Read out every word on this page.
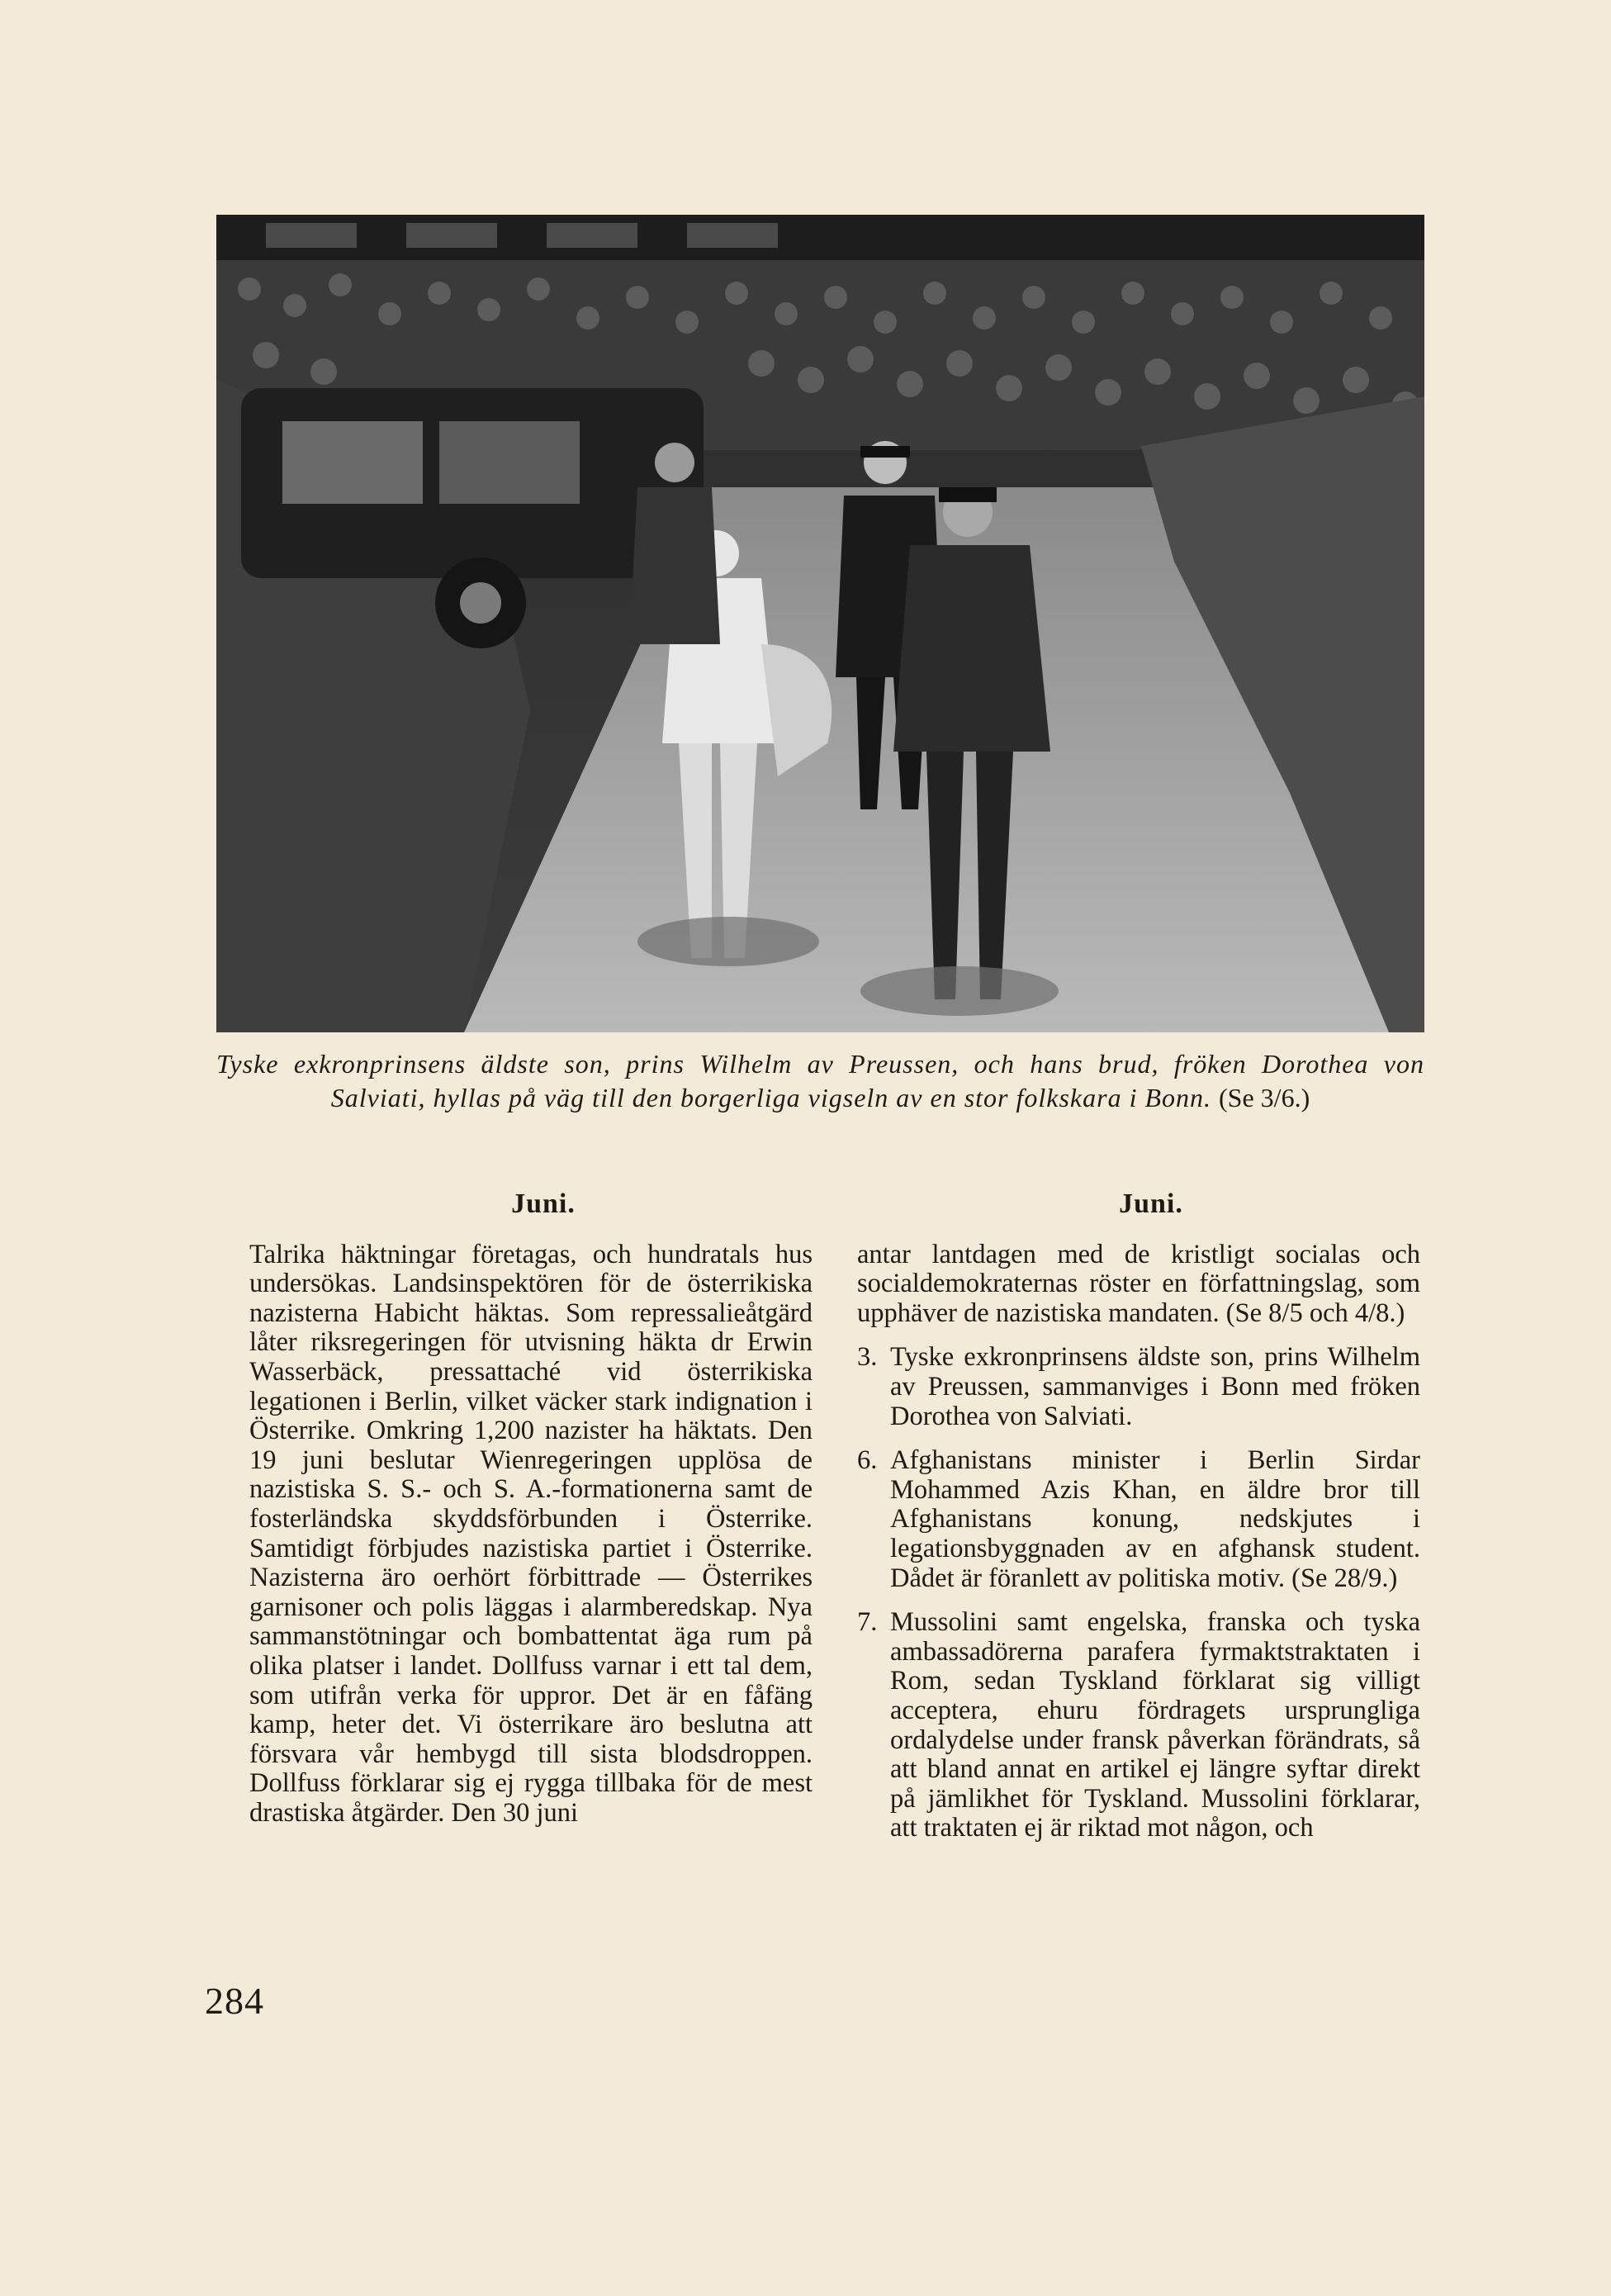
Tyske exkronprinsens äldste son, prins Wilhelm av Preussen, och hans brud, fröken Dorothea von Salviati, hyllas på väg till den borgerliga vigseln av en stor folkskara i Bonn. (Se 3/6.)
Juni.

Talrika häktningar företagas, och hundratals hus undersökas. Landsinspektören för de österrikiska nazisterna Habicht häktas. Som repressalieåtgärd låter riksregeringen för utvisning häkta dr Erwin Wasserbäck, pressattaché vid österrikiska legationen i Berlin, vilket väcker stark indignation i Österrike. Omkring 1,200 nazister ha häktats. Den 19 juni beslutar Wienregeringen upplösa de nazistiska S. S.- och S. A.-formationerna samt de fosterländska skyddsförbunden i Österrike. Samtidigt förbjudes nazistiska partiet i Österrike. Nazisterna äro oerhört förbittrade — Österrikes garnisoner och polis läggas i alarmberedskap. Nya sammanstötningar och bombattentat äga rum på olika platser i landet. Dollfuss varnar i ett tal dem, som utifrån verka för uppror. Det är en fåfäng kamp, heter det. Vi österrikare äro beslutna att försvara vår hembygd till sista blodsdroppen. Dollfuss förklarar sig ej rygga tillbaka för de mest drastiska åtgärder. Den 30 juni

Juni.

antar lantdagen med de kristligt socialas och socialdemokraternas röster en författningslag, som upphäver de nazistiska mandaten. (Se 8/5 och 4/8.)

3. Tyske exkronprinsens äldste son, prins Wilhelm av Preussen, sammanviges i Bonn med fröken Dorothea von Salviati.
6. Afghanistans minister i Berlin Sirdar Mohammed Azis Khan, en äldre bror till Afghanistans konung, nedskjutes i legationsbyggnaden av en afghansk student. Dådet är föranlett av politiska motiv. (Se 28/9.)
7. Mussolini samt engelska, franska och tyska ambassadörerna parafera fyrmaktstraktaten i Rom, sedan Tyskland förklarat sig villigt acceptera, ehuru fördragets ursprungliga ordalydelse under fransk påverkan förändrats, så att bland annat en artikel ej längre syftar direkt på jämlikhet för Tyskland. Mussolini förklarar, att traktaten ej är riktad mot någon, och
284
